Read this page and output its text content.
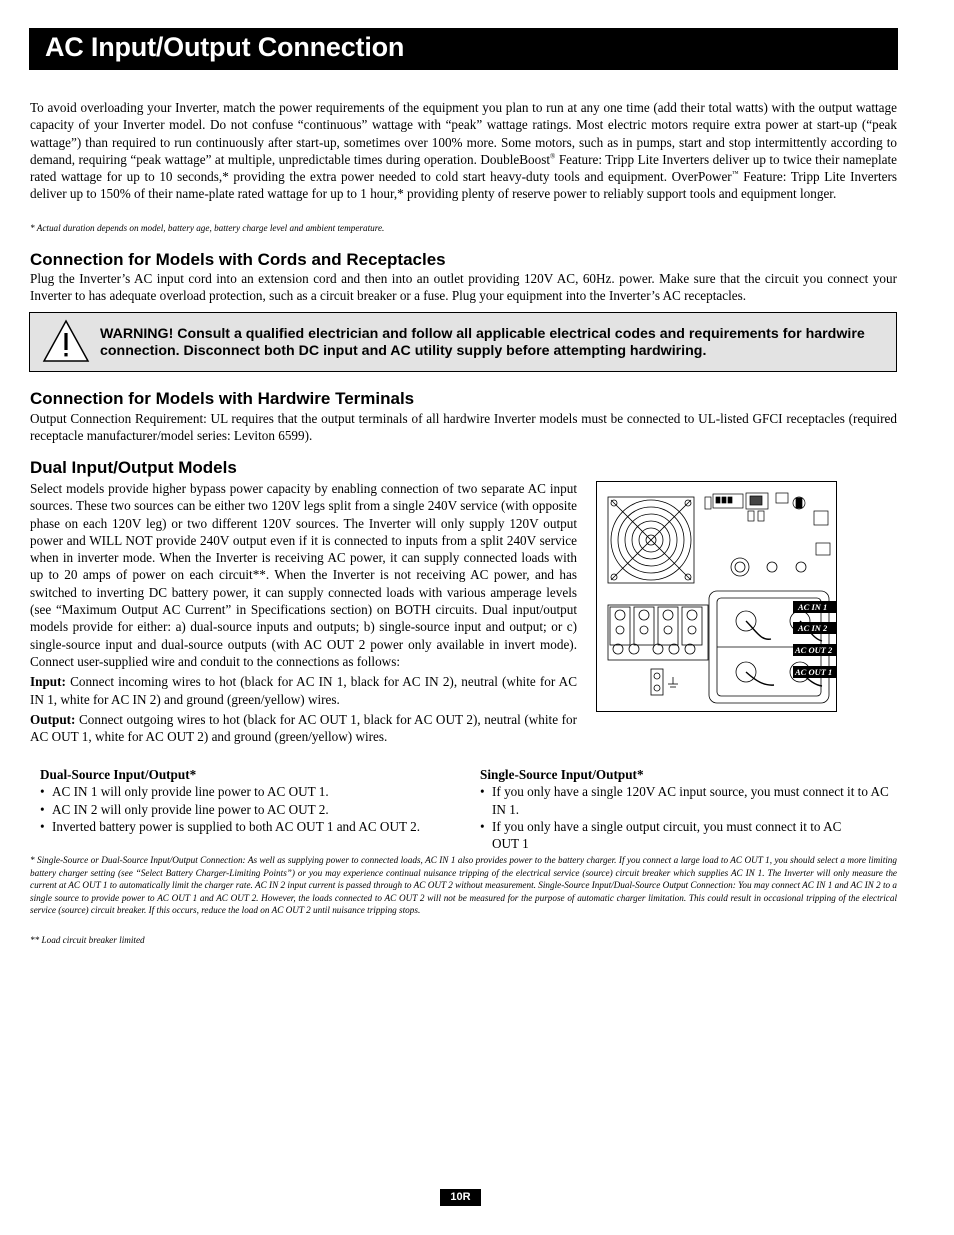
AC Input/Output Connection

To avoid overloading your Inverter, match the power requirements of the equipment you plan to run at any one time (add their total watts) with the output wattage capacity of your Inverter model. Do not confuse “continuous” wattage with “peak” wattage ratings. Most electric motors require extra power at start-up (“peak wattage”) than required to run continuously after start-up, sometimes over 100% more. Some motors, such as in pumps, start and stop intermittently according to demand, requiring “peak wattage” at multiple, unpredictable times during operation. DoubleBoost® Feature: Tripp Lite Inverters deliver up to twice their nameplate rated wattage for up to 10 seconds,* providing the extra power needed to cold start heavy-duty tools and equipment. OverPower™ Feature: Tripp Lite Inverters deliver up to 150% of their name-plate rated wattage for up to 1 hour,* providing plenty of reserve power to reliably support tools and equipment longer.

* Actual duration depends on model, battery age, battery charge level and ambient temperature.

Connection for Models with Cords and Receptacles

Plug the Inverter’s AC input cord into an extension cord and then into an outlet providing 120V AC, 60Hz. power. Make sure that the circuit you connect your Inverter to has adequate overload protection, such as a circuit breaker or a fuse. Plug your equipment into the Inverter’s AC receptacles.

WARNING! Consult a qualified electrician and follow all applicable electrical codes and requirements for hardwire connection. Disconnect both DC input and AC utility supply before attempting hardwiring.

Connection for Models with Hardwire Terminals

Output Connection Requirement: UL requires that the output terminals of all hardwire Inverter models must be connected to UL-listed GFCI receptacles (required receptacle manufacturer/model series: Leviton 6599).

Dual Input/Output Models

Select models provide higher bypass power capacity by enabling connection of two separate AC input sources. These two sources can be either two 120V legs split from a single 240V service (with opposite phase on each 120V leg) or two different 120V sources. The Inverter will only supply 120V output power and WILL NOT provide 240V output even if it is connected to inputs from a split 240V service when in inverter mode. When the Inverter is receiving AC power, it can supply connected loads with up to 20 amps of power on each circuit**. When the Inverter is not receiving AC power, and has switched to inverting DC battery power, it can supply connected loads with various amperage levels (see “Maximum Output AC Current” in Specifications section) on BOTH circuits. Dual input/output models provide for either: a) dual-source inputs and outputs; b) single-source input and output; or c) single-source input and dual-source outputs (with AC OUT 2 power only available in invert mode). Connect user-supplied wire and conduit to the connections as follows:

Input: Connect incoming wires to hot (black for AC IN 1, black for AC IN 2), neutral (white for AC IN 1, white for AC IN 2) and ground (green/yellow) wires.

Output: Connect outgoing wires to hot (black for AC OUT 1, black for AC OUT 2), neutral (white for AC OUT 1, white for AC OUT 2) and ground (green/yellow) wires.

AC IN 1
AC IN 2
AC OUT 2
AC OUT 1

Dual-Source Input/Output*

• AC IN 1 will only provide line power to AC OUT 1.
• AC IN 2 will only provide line power to AC OUT 2.
• Inverted battery power is supplied to both AC OUT 1 and AC OUT 2.

Single-Source Input/Output*

• If you only have a single 120V AC input source, you must connect it to AC IN 1.
• If you only have a single output circuit, you must connect it to AC OUT 1

* Single-Source or Dual-Source Input/Output Connection: As well as supplying power to connected loads, AC IN 1 also provides power to the battery charger. If you connect a large load to AC OUT 1, you should select a more limiting battery charger setting (see “Select Battery Charger-Limiting Points”) or you may experience continual nuisance tripping of the electrical service (source) circuit breaker which supplies AC IN 1. The Inverter will only measure the current at AC OUT 1 to automatically limit the charger rate. AC IN 2 input current is passed through to AC OUT 2 without measurement. Single-Source Input/Dual-Source Output Connection: You may connect AC IN 1 and AC IN 2 to a single source to provide power to AC OUT 1 and AC OUT 2. However, the loads connected to AC OUT 2 will not be measured for the purpose of automatic charger limitation. This could result in occasional tripping of the electrical service (source) circuit breaker. If this occurs, reduce the load on AC OUT 2 until nuisance tripping stops.

** Load circuit breaker limited

10R
